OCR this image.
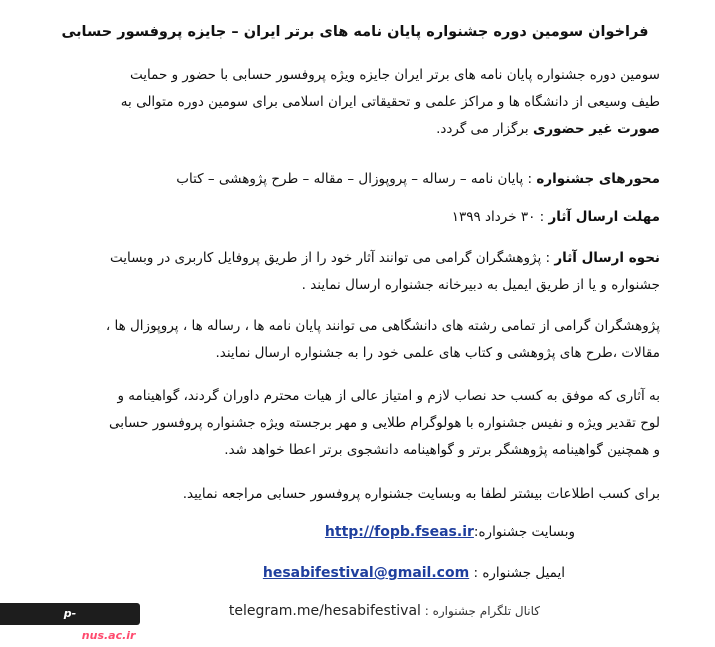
فراخوان سومین دوره جشنواره پایان نامه های برتر ایران – جایزه پروفسور حسابی
سومین دوره جشنواره پایان نامه های برتر ایران جایزه ویژه پروفسور حسابی با حضور و حمایت
طیف وسیعی از دانشگاه ها و مراکز علمی و تحقیقاتی ایران اسلامی برای سومین دوره متوالی به
صورت غیر حضوری برگزار می گردد.
محورهای جشنواره : پایان نامه – رساله – پروپوزال – مقاله – طرح پژوهشی – کتاب
مهلت ارسال آثار : ۳۰ خرداد ۱۳۹۹
نحوه ارسال آثار : پژوهشگران گرامی می توانند آثار خود را از طریق پروفایل کاربری در وبسایت
جشنواره و یا از طریق ایمیل به دبیرخانه جشنواره ارسال نمایند .
پژوهشگران گرامی از تمامی رشته های دانشگاهی می توانند پایان نامه ها ، رساله ها ، پروپوزال ها ،
مقالات ،طرح های پژوهشی و کتاب های علمی خود را به جشنواره ارسال نمایند.
به آثاری که موفق به کسب حد نصاب لازم و امتیاز عالی از هیات محترم داوران گردند، گواهینامه و
لوح تقدیر ویژه و نفیس جشنواره با هولوگرام طلایی و مهر برجسته ویژه جشنواره پروفسور حسابی
و همچنین گواهینامه پژوهشگر برتر و گواهینامه دانشجوی برتر اعطا خواهد شد.
برای کسب اطلاعات بیشتر لطفا به وبسایت جشنواره پروفسور حسابی مراجعه نمایید.
وبسایت جشنواره:http://fopb.fseas.ir
ایمیل جشنواره : hesabifestival@gmail.com
کانال تلگرام جشنواره : telegram.me/hesabifestival
p-bandarabas.nus.ac.ir
